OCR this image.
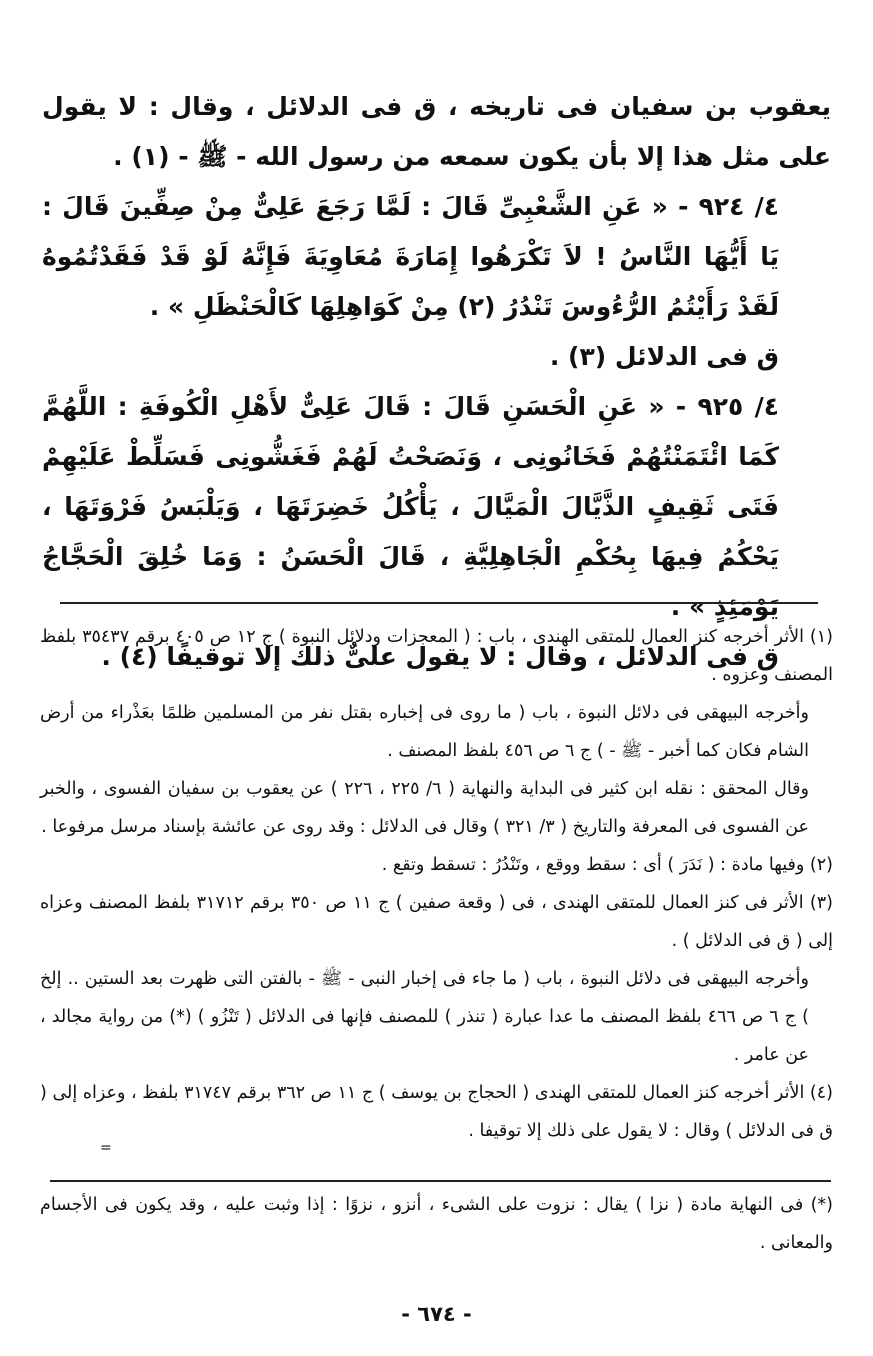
يعقوب بن سفيان فى تاريخه ، ق فى الدلائل ، وقال : لا يقول على مثل هذا إلا بأن يكون سمعه من رسول الله - ﷺ - (١) .

٤/ ٩٢٤ - « عَنِ الشَّعْبِىِّ قَالَ : لَمَّا رَجَعَ عَلِىٌّ مِنْ صِفِّينَ قَالَ : يَا أَيُّهَا النَّاسُ ! لاَ تَكْرَهُوا إِمَارَةَ مُعَاوِيَةَ فَإِنَّهُ لَوْ قَدْ فَقَدْتُمُوهُ لَقَدْ رَأَيْتُمُ الرُّءُوسَ تَنْدُرُ (٢) مِنْ كَوَاهِلِهَا كَالْحَنْظَلِ » .

ق فى الدلائل (٣) .

٤/ ٩٢٥ - « عَنِ الْحَسَنِ قَالَ : قَالَ عَلِىٌّ لأَهْلِ الْكُوفَةِ : اللَّهُمَّ كَمَا ائْتَمَنْتُهُمْ فَخَانُونِى ، وَنَصَحْتُ لَهُمْ فَغَشُّونِى فَسَلِّطْ عَلَيْهِمْ فَتَى ثَقِيفٍ الذَّيَّالَ الْمَيَّالَ ، يَأْكُلُ خَضِرَتَهَا ، وَيَلْبَسُ فَرْوَتَهَا ، يَحْكُمُ فِيهَا بِحُكْمِ الْجَاهِلِيَّةِ ، قَالَ الْحَسَنُ : وَمَا خُلِقَ الْحَجَّاجُ يَوْمَئِذٍ » .

ق فى الدلائل ، وقال : لا يقول علىٌّ ذلك إلا توقيفًا (٤) .

(١) الأثر أخرجه كنز العمال للمتقى الهندى ، باب : ( المعجزات ودلائل النبوة ) ج ١٢ ص ٤٠٥ برقم ٣٥٤٣٧ بلفظ المصنف وعزوه .

وأخرجه البيهقى فى دلائل النبوة ، باب ( ما روى فى إخباره بقتل نفر من المسلمين ظلمًا بعَذْراء من أرض الشام فكان كما أخبر - ﷺ - ) ج ٦ ص ٤٥٦ بلفظ المصنف .

وقال المحقق : نقله ابن كثير فى البداية والنهاية ( ٦/ ٢٢٥ ، ٢٢٦ ) عن يعقوب بن سفيان الفسوى ، والخبر عن الفسوى فى المعرفة والتاريخ ( ٣/ ٣٢١ ) وقال فى الدلائل : وقد روى عن عائشة بإسناد مرسل مرفوعا .

(٢) وفيها مادة : ( نَدَرَ ) أى : سقط ووقع ، وتَنْدُرُ : تسقط وتقع .

(٣) الأثر فى كنز العمال للمتقى الهندى ، فى ( وقعة صفين ) ج ١١ ص ٣٥٠ برقم ٣١٧١٢ بلفظ المصنف وعزاه إلى ( ق فى الدلائل ) .

وأخرجه البيهقى فى دلائل النبوة ، باب ( ما جاء فى إخبار النبى - ﷺ - بالفتن التى ظهرت بعد الستين .. إلخ ) ج ٦ ص ٤٦٦ بلفظ المصنف ما عدا عبارة ( تنذر ) للمصنف فإنها فى الدلائل ( تَنْزُو ) (*) من رواية مجالد ، عن عامر .

(٤) الأثر أخرجه كنز العمال للمتقى الهندى ( الحجاج بن يوسف ) ج ١١ ص ٣٦٢ برقم ٣١٧٤٧ بلفظ ، وعزاه إلى ( ق فى الدلائل ) وقال : لا يقول على ذلك إلا توقيفا .

=

(*) فى النهاية مادة ( نزا ) يقال : نزوت على الشىء ، أنزو ، نزوًا : إذا وثبت عليه ، وقد يكون فى الأجسام والمعانى .

- ٦٧٤ -
